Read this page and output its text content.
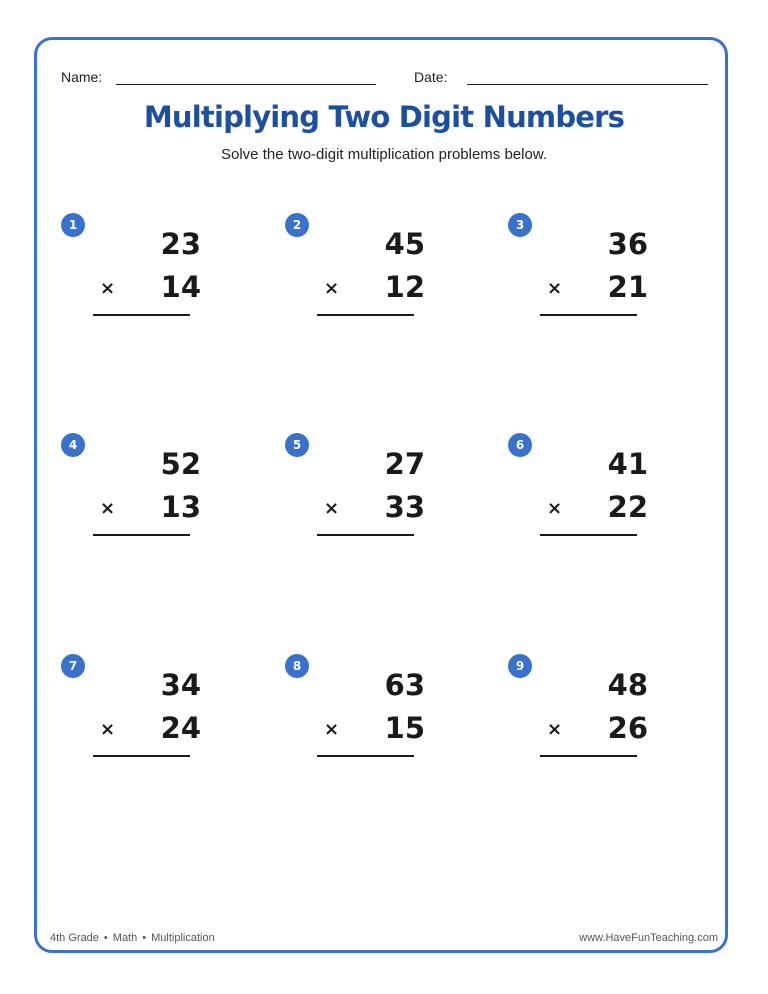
Name:	Date:
Multiplying Two Digit Numbers
Solve the two-digit multiplication problems below.
1
23
×	14
2
45
×	12
3
36
×	21
4
52
×	13
5
27
×	33
6
41
×	22
7
34
×	24
8
63
×	15
9
48
×	26
4th Grade • Math • Multiplication	www.HaveFunTeaching.com
